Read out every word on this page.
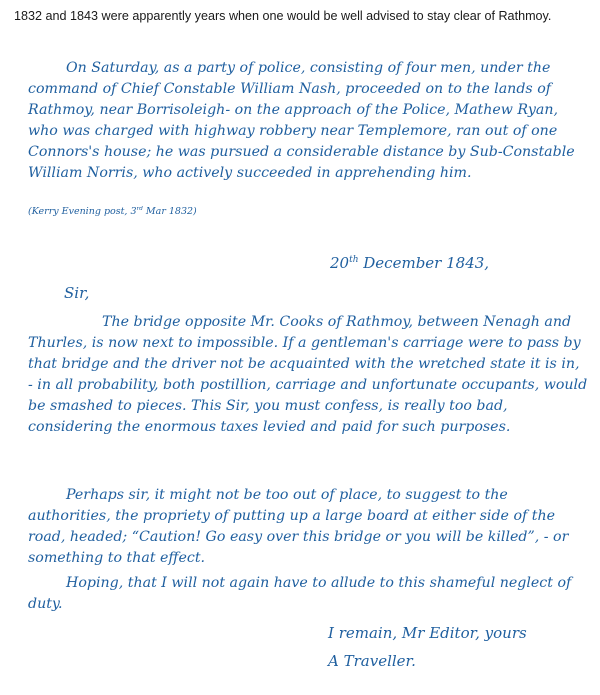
1832 and 1843 were apparently years when one would be well advised to stay clear of Rathmoy.

On Saturday, as a party of police, consisting of four men, under the command of Chief Constable William Nash, proceeded on to the lands of Rathmoy, near Borrisoleigh- on the approach of the Police, Mathew Ryan, who was charged with highway robbery near Templemore, ran out of one Connors's house; he was pursued a considerable distance by Sub-Constable William Norris, who actively succeeded in apprehending him.

(Kerry Evening post, 3rd Mar 1832)
20th December 1843,
Sir,

The bridge opposite Mr. Cooks of Rathmoy, between Nenagh and Thurles, is now next to impossible. If a gentleman's carriage were to pass by that bridge and the driver not be acquainted with the wretched state it is in, - in all probability, both postillion, carriage and unfortunate occupants, would be smashed to pieces. This Sir, you must confess, is really too bad, considering the enormous taxes levied and paid for such purposes.

Perhaps sir, it might not be too out of place, to suggest to the authorities, the propriety of putting up a large board at either side of the road, headed; “Caution! Go easy over this bridge or you will be killed”, - or something to that effect.

Hoping, that I will not again have to allude to this shameful neglect of duty.

I remain, Mr Editor, yours
A Traveller.
